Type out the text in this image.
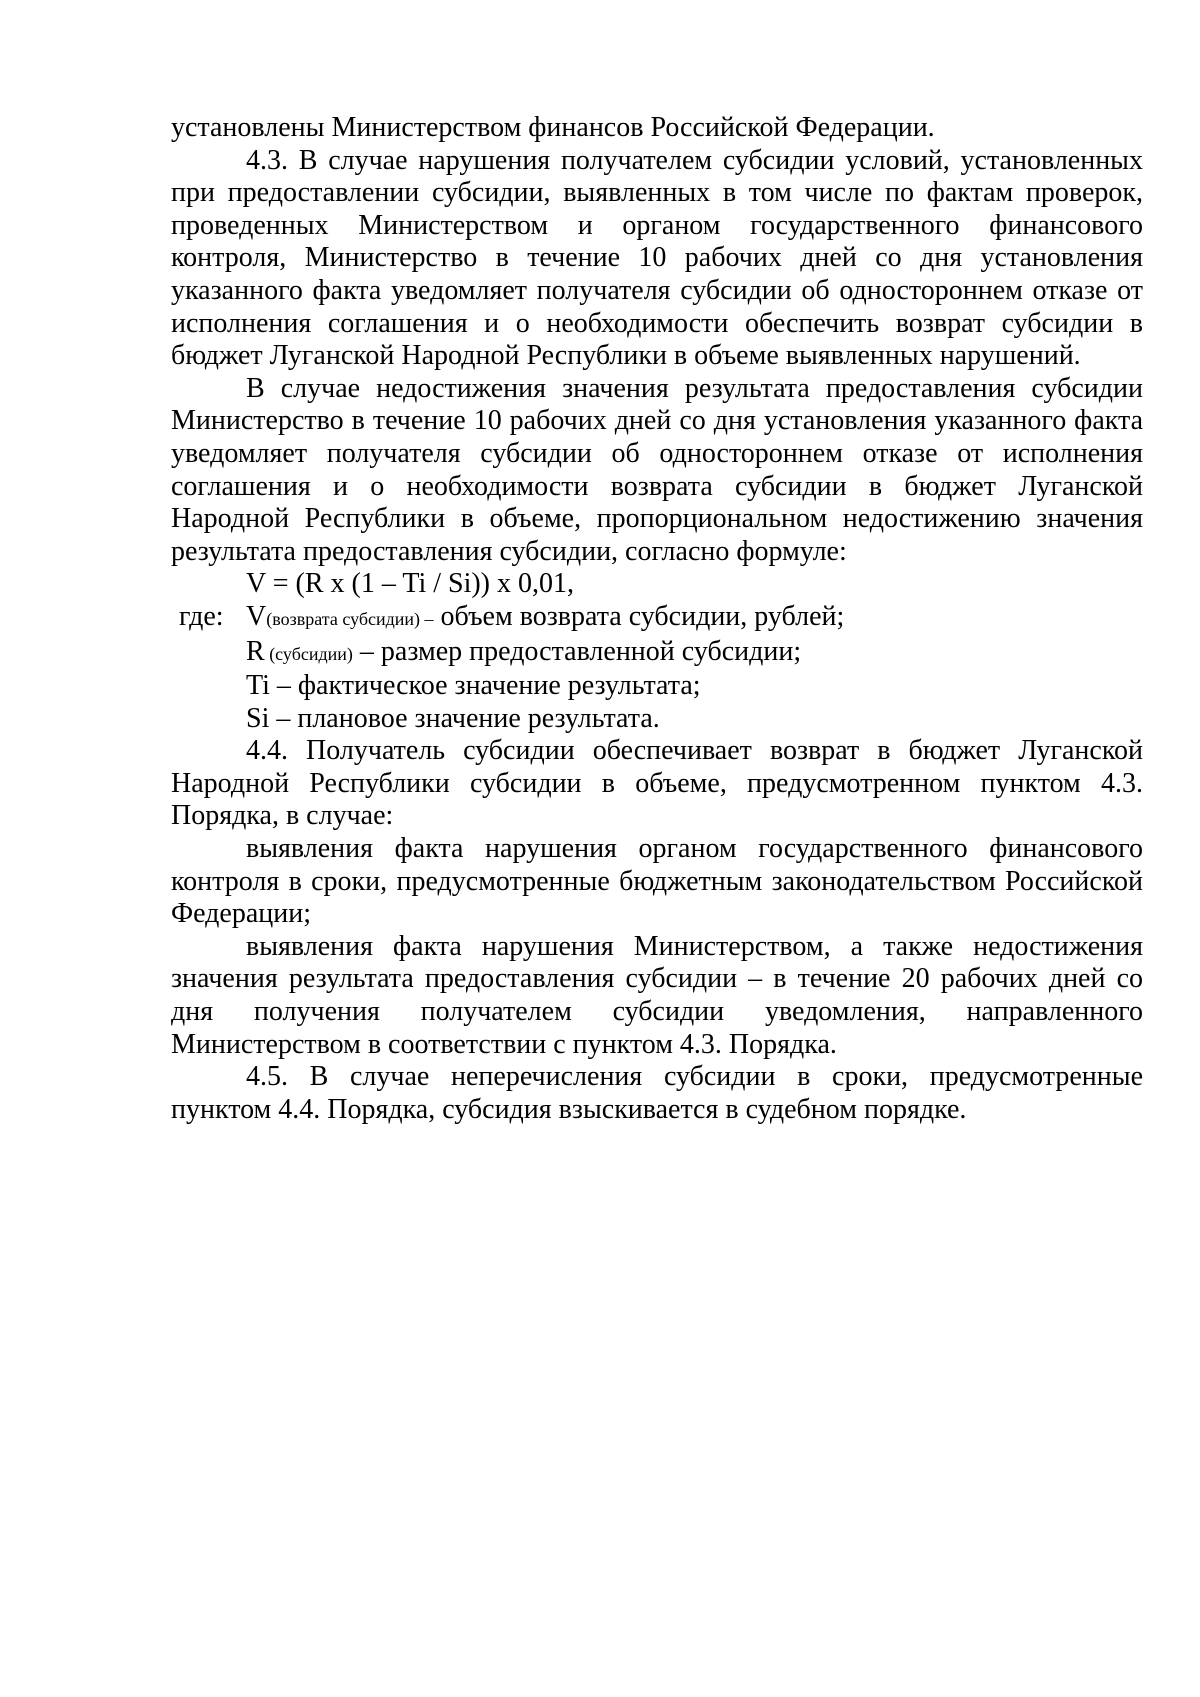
установлены Министерством финансов Российской Федерации.

4.3. В случае нарушения получателем субсидии условий, установленных при предоставлении субсидии, выявленных в том числе по фактам проверок, проведенных Министерством и органом государственного финансового контроля, Министерство в течение 10 рабочих дней со дня установления указанного факта уведомляет получателя субсидии об одностороннем отказе от исполнения соглашения и о необходимости обеспечить возврат субсидии в бюджет Луганской Народной Республики в объеме выявленных нарушений.

В случае недостижения значения результата предоставления субсидии Министерство в течение 10 рабочих дней со дня установления указанного факта уведомляет получателя субсидии об одностороннем отказе от исполнения соглашения и о необходимости возврата субсидии в бюджет Луганской Народной Республики в объеме, пропорциональном недостижению значения результата предоставления субсидии, согласно формуле:

V = (R x (1 – Ti / Si)) x 0,01,
где: V(возврата субсидии) – объем возврата субсидии, рублей;
R (субсидии) – размер предоставленной субсидии;
Ti – фактическое значение результата;
Si – плановое значение результата.

4.4. Получатель субсидии обеспечивает возврат в бюджет Луганской Народной Республики субсидии в объеме, предусмотренном пунктом 4.3. Порядка, в случае:

выявления факта нарушения органом государственного финансового контроля в сроки, предусмотренные бюджетным законодательством Российской Федерации;

выявления факта нарушения Министерством, а также недостижения значения результата предоставления субсидии – в течение 20 рабочих дней со дня получения получателем субсидии уведомления, направленного Министерством в соответствии с пунктом 4.3. Порядка.

4.5. В случае неперечисления субсидии в сроки, предусмотренные пунктом 4.4. Порядка, субсидия взыскивается в судебном порядке.
